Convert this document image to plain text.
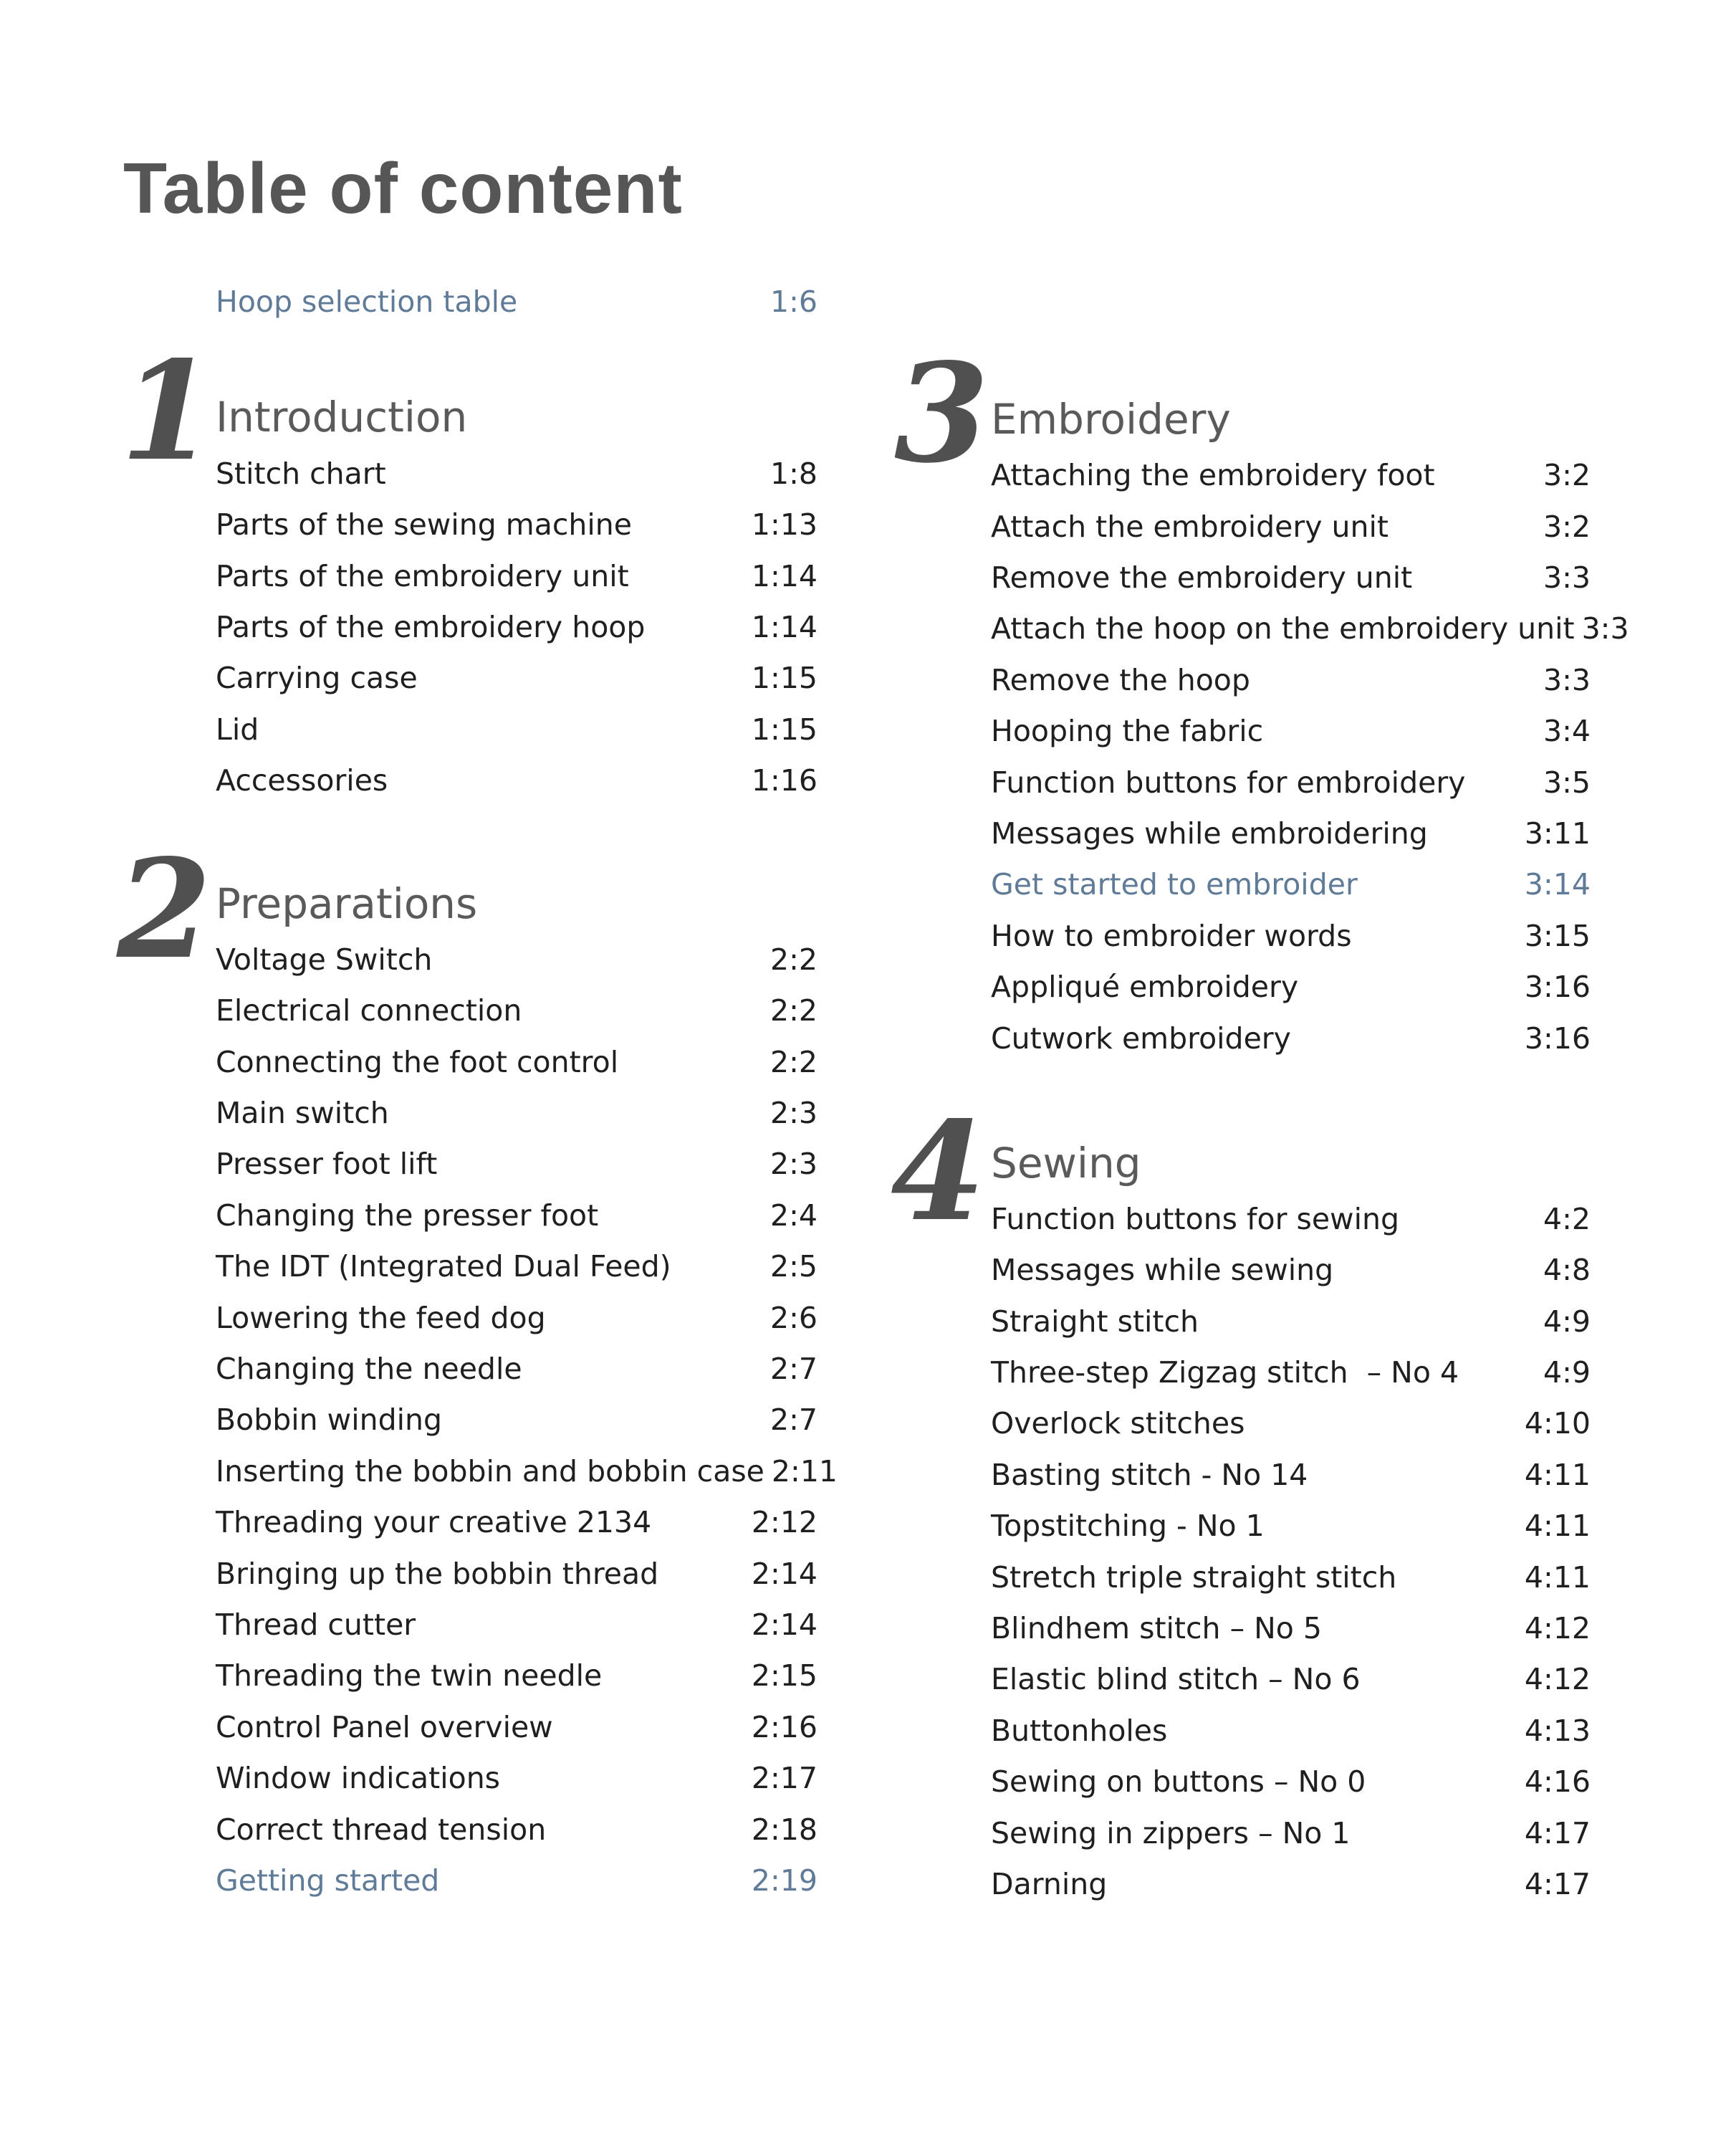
Table of content
Hoop selection table	1:6
1 Introduction
Stitch chart	1:8
Parts of the sewing machine	1:13
Parts of the embroidery unit	1:14
Parts of the embroidery hoop	1:14
Carrying case	1:15
Lid	1:15
Accessories	1:16
2 Preparations
Voltage Switch	2:2
Electrical connection	2:2
Connecting the foot control	2:2
Main switch	2:3
Presser foot lift	2:3
Changing the presser foot	2:4
The IDT (Integrated Dual Feed)	2:5
Lowering the feed dog	2:6
Changing the needle	2:7
Bobbin winding	2:7
Inserting the bobbin and bobbin case 2:11
Threading your creative 2134	2:12
Bringing up the bobbin thread	2:14
Thread cutter	2:14
Threading the twin needle	2:15
Control Panel overview	2:16
Window indications	2:17
Correct thread tension	2:18
Getting started	2:19
3 Embroidery
Attaching the embroidery foot	3:2
Attach the embroidery unit	3:2
Remove the embroidery unit	3:3
Attach the hoop on the embroidery unit 3:3
Remove the hoop	3:3
Hooping the fabric	3:4
Function buttons for embroidery	3:5
Messages while embroidering	3:11
Get started to embroider	3:14
How to embroider words	3:15
Appliqué embroidery	3:16
Cutwork embroidery	3:16
4 Sewing
Function buttons for sewing	4:2
Messages while sewing	4:8
Straight stitch	4:9
Three-step Zigzag stitch  – No 4	4:9
Overlock stitches	4:10
Basting stitch - No 14	4:11
Topstitching - No 1	4:11
Stretch triple straight stitch	4:11
Blindhem stitch – No 5	4:12
Elastic blind stitch – No 6	4:12
Buttonholes	4:13
Sewing on buttons – No 0	4:16
Sewing in zippers – No 1	4:17
Darning	4:17
